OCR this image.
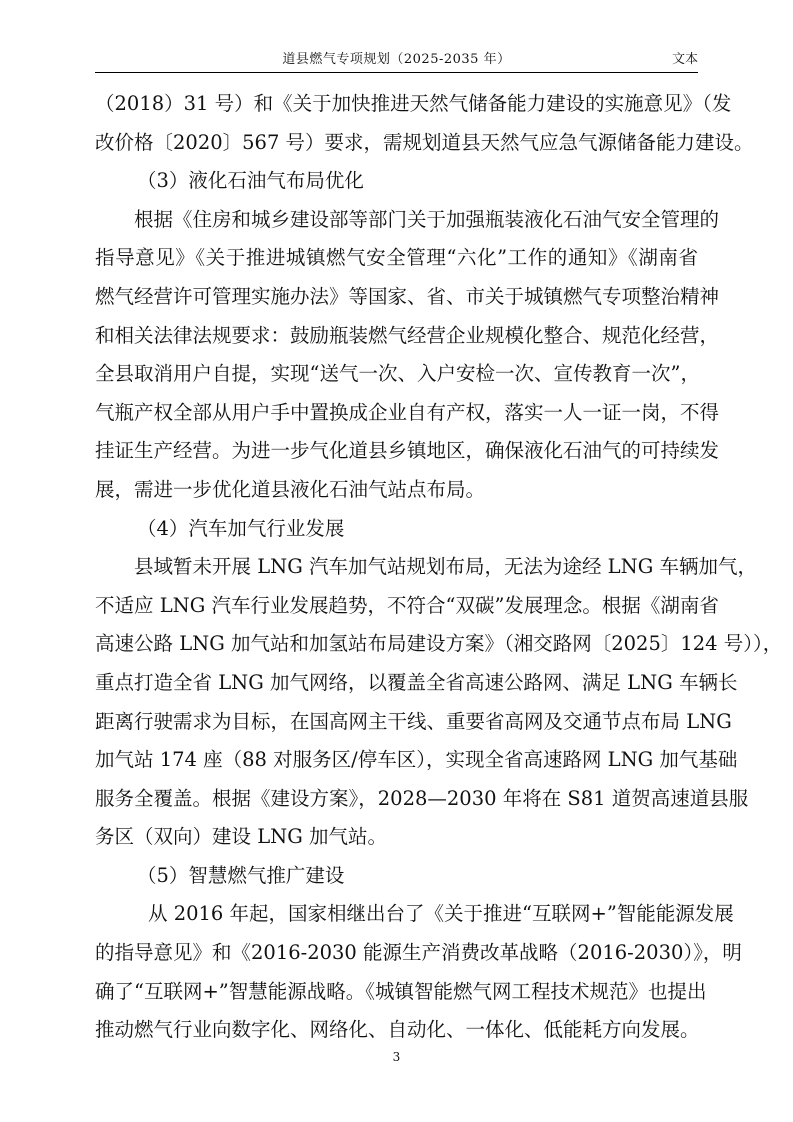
道县燃气专项规划（2025-2035 年）	文本
（2018）31 号）和《关于加快推进天然气储备能力建设的实施意见》（发
改价格〔2020〕567 号）要求，需规划道县天然气应急气源储备能力建设。
（3）液化石油气布局优化
根据《住房和城乡建设部等部门关于加强瓶装液化石油气安全管理的
指导意见》《关于推进城镇燃气安全管理“六化”工作的通知》《湖南省
燃气经营许可管理实施办法》等国家、省、市关于城镇燃气专项整治精神
和相关法律法规要求：鼓励瓶装燃气经营企业规模化整合、规范化经营，
全县取消用户自提，实现“送气一次、入户安检一次、宣传教育一次”，
气瓶产权全部从用户手中置换成企业自有产权，落实一人一证一岗，不得
挂证生产经营。为进一步气化道县乡镇地区，确保液化石油气的可持续发
展，需进一步优化道县液化石油气站点布局。
（4）汽车加气行业发展
县域暂未开展 LNG 汽车加气站规划布局，无法为途经 LNG 车辆加气，
不适应 LNG 汽车行业发展趋势，不符合“双碳”发展理念。根据《湖南省
高速公路 LNG 加气站和加氢站布局建设方案》（湘交路网〔2025〕124 号）），
重点打造全省 LNG 加气网络，以覆盖全省高速公路网、满足 LNG 车辆长
距离行驶需求为目标，在国高网主干线、重要省高网及交通节点布局 LNG
加气站 174 座（88 对服务区/停车区），实现全省高速路网 LNG 加气基础
服务全覆盖。根据《建设方案》，2028—2030 年将在 S81 道贺高速道县服
务区（双向）建设 LNG 加气站。
（5）智慧燃气推广建设
从 2016 年起，国家相继出台了《关于推进“互联网+”智能能源发展
的指导意见》和《2016-2030 能源生产消费改革战略（2016-2030）》，明
确了“互联网+”智慧能源战略。《城镇智能燃气网工程技术规范》也提出
推动燃气行业向数字化、网络化、自动化、一体化、低能耗方向发展。
3
